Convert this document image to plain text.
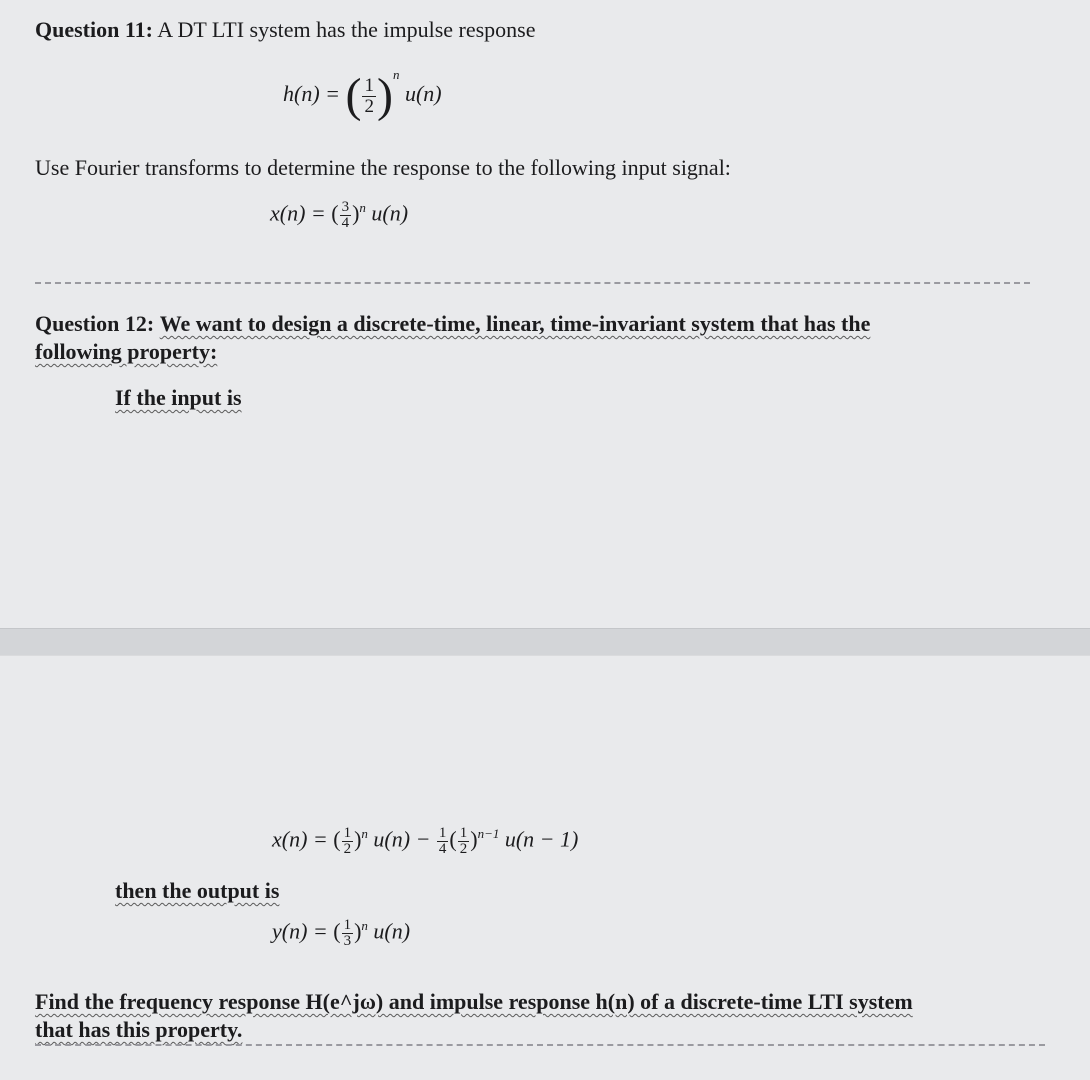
Question 11: A DT LTI system has the impulse response
h(n) = ( $\frac{1}{2} )^n$ u(n)
Use Fourier transforms to determine the response to the following input signal:
x(n) = ( $\frac{3}{4} )^n$ u(n)
Question 12: We want to design a discrete-time, linear, time-invariant system that has the
following property:
If the input is
x(n) = ( $\frac{1}{2} )^n$ $u(n) - \frac{1}{4}$ ( $\frac{1}{2} )^{n-1}$ u(n − 1)
then the output is
y(n) = ( $\frac{1}{3} )^n$ u(n)
Find the frequency response H(e^jω) and impulse response h(n) of a discrete-time LTI system
that has this property.
